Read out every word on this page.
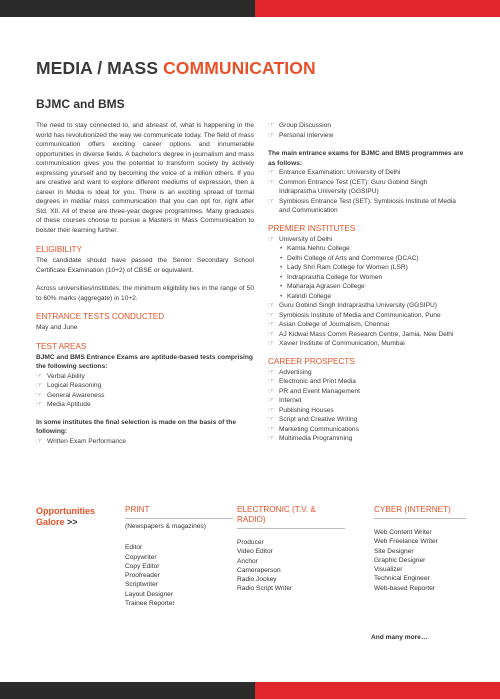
MEDIA / MASS COMMUNICATION
BJMC and BMS

The need to stay connected to, and abreast of, what is happening in the world has revolutionized the way we communicate today. The field of mass communication offers exciting career options and innumerable opportunities in diverse fields. A bachelor's degree in journalism and mass communication gives you the potential to transform society by actively expressing yourself and by becoming the voice of a million others. If you are creative and want to explore different mediums of expression, then a career in Media is ideal for you. There is an exciting spread of formal degrees in media/ mass communication that you can opt for, right after Std. XII. All of these are three-year degree programmes. Many graduates of these courses choose to pursue a Masters in Mass Communication to bolster their learning further.

ELIGIBILITY

The candidate should have passed the Senior Secondary School Certificate Examination (10+2) of CBSE or equivalent.

Across universities/institutes, the minimum eligibility lies in the range of 50 to 60% marks (aggregate) in 10+2.

ENTRANCE TESTS CONDUCTED

May and June

TEST AREAS

BJMC and BMS Entrance Exams are aptitude-based tests comprising the following sections:

☞ Verbal Ability
☞ Logical Reasoning
☞ General Awareness
☞ Media Aptitude

In some institutes the final selection is made on the basis of the following:

☞ Written Exam Performance
☞ Group Discussion
☞ Personal Interview

The main entrance exams for BJMC and BMS programmes are as follows:

☞ Entrance Examination: University of Delhi
☞ Common Entrance Test (CET): Guru Gobind Singh Indraprastha University (GGSIPU)
☞ Symbiosis Entrance Test (SET): Symbiosis Institute of Media and Communication
PREMIER INSTITUTES
☞ University of Delhi
• Kamla Nehru College
• Delhi College of Arts and Commerce (DCAC)
• Lady Shri Ram College for Women (LSR)
• Indraprastha College for Women
• Maharaja Agrasen College
• Kalindi College
☞ Guru Gobind Singh Indraprastha University (GGSIPU)
☞ Symbiosis Institute of Media and Communication, Pune
☞ Asian College of Journalism, Chennai
☞ AJ Kidwai Mass Comm Research Centre, Jamia, New Delhi
☞ Xavier Institute of Communication, Mumbai
CAREER PROSPECTS
☞ Advertising
☞ Electronic and Print Media
☞ PR and Event Management
☞ Internet
☞ Publishing Houses
☞ Script and Creative Writing
☞ Marketing Communications
☞ Multimedia Programming
Opportunities
Galore >>
PRINT
(Newspapers & magazines)
Editor
Copywriter
Copy Editor
Proofreader
Scriptwriter
Layout Designer
Trainee Reporter
ELECTRONIC (T.V. & RADIO)
Producer
Video Editor
Anchor
Cameraperson
Radio Jockey
Radio Script Writer
CYBER (INTERNET)
Web Content Writer
Web Freelance Writer
Site Designer
Graphic Designer
Visualizer
Technical Engineer
Web-based Reporter
And many more…
